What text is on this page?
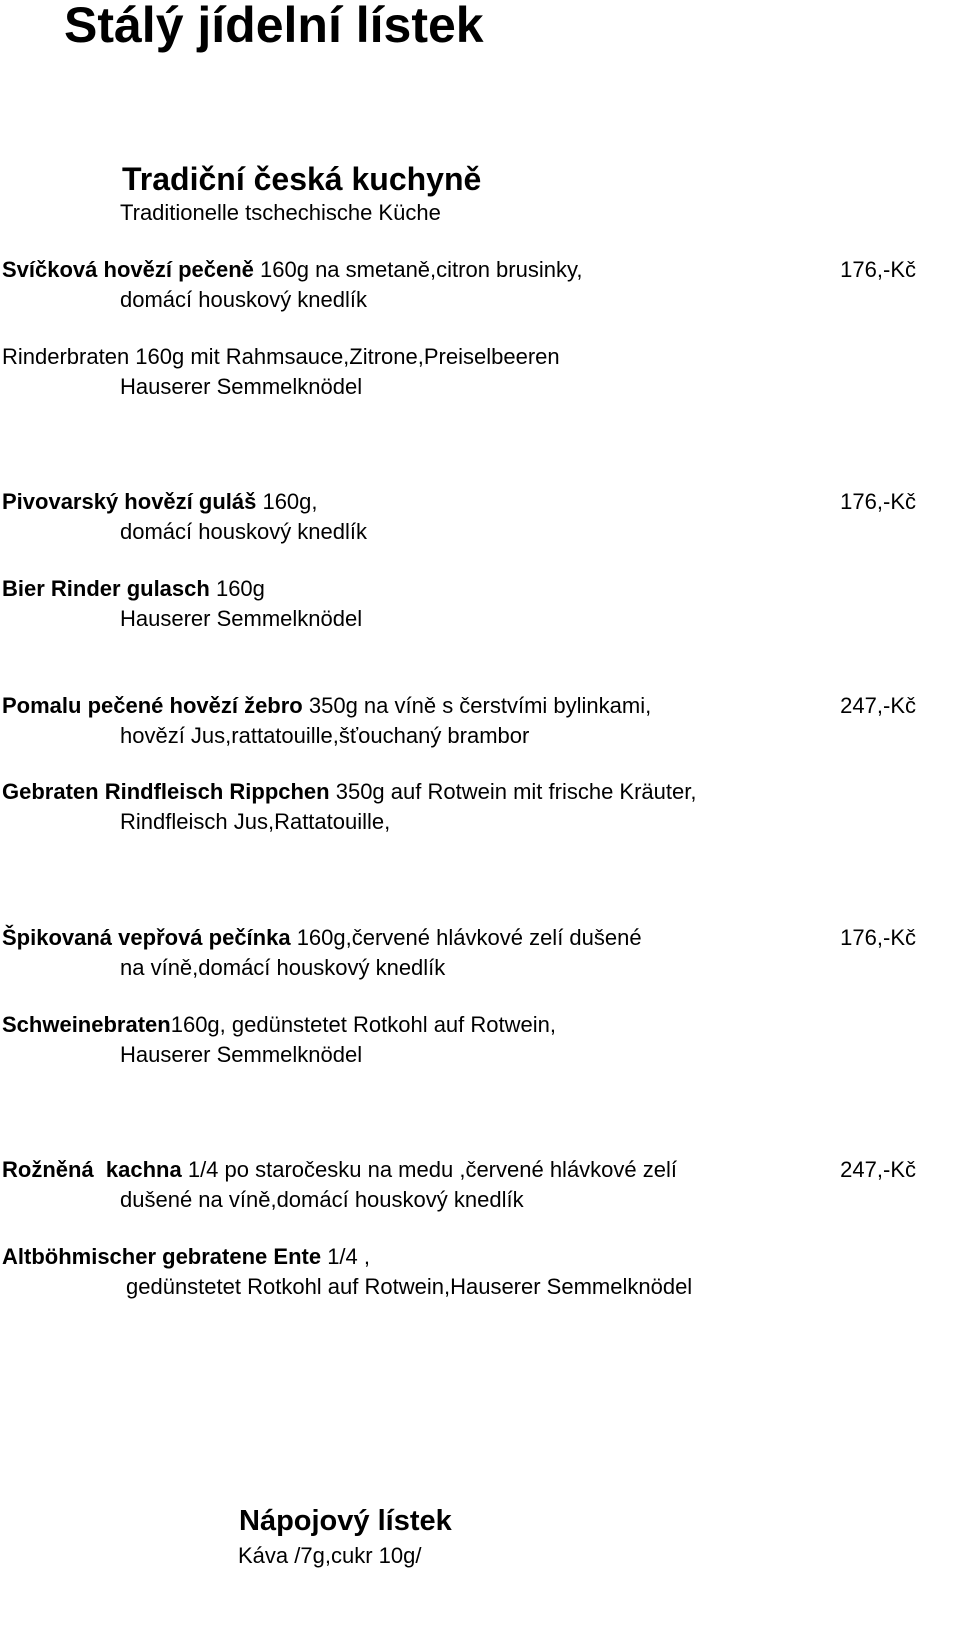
Stálý jídelní lístek
Tradiční česká kuchyně
Traditionelle tschechische Küche
Svíčková hovězí pečeně 160g na smetaně,citron brusinky,
domácí houskový knedlík
176,-Kč
Rinderbraten 160g mit Rahmsauce,Zitrone,Preiselbeeren
Hauserer Semmelknödel
Pivovarský hovězí guláš 160g,
domácí houskový knedlík
176,-Kč
Bier Rinder gulasch 160g
Hauserer Semmelknödel
Pomalu pečené hovězí žebro 350g na víně s čerstvími bylinkami,
hovězí Jus,rattatouille,šťouchaný brambor
247,-Kč
Gebraten Rindfleisch Rippchen 350g auf Rotwein mit frische Kräuter,
Rindfleisch Jus,Rattatouille,
Špikovaná vepřová pečínka 160g,červené hlávkové zelí dušené
na víně,domácí houskový knedlík
176,-Kč
Schweinebraten160g, gedünstetet Rotkohl auf Rotwein,
Hauserer Semmelknödel
Rožněná  kachna 1/4 po staročesku na medu ,červené hlávkové zelí
dušené na víně,domácí houskový knedlík
247,-Kč
Altböhmischer gebratene Ente 1/4 ,
gedünstetet Rotkohl auf Rotwein,Hauserer Semmelknödel
Nápojový lístek
Káva /7g,cukr 10g/
